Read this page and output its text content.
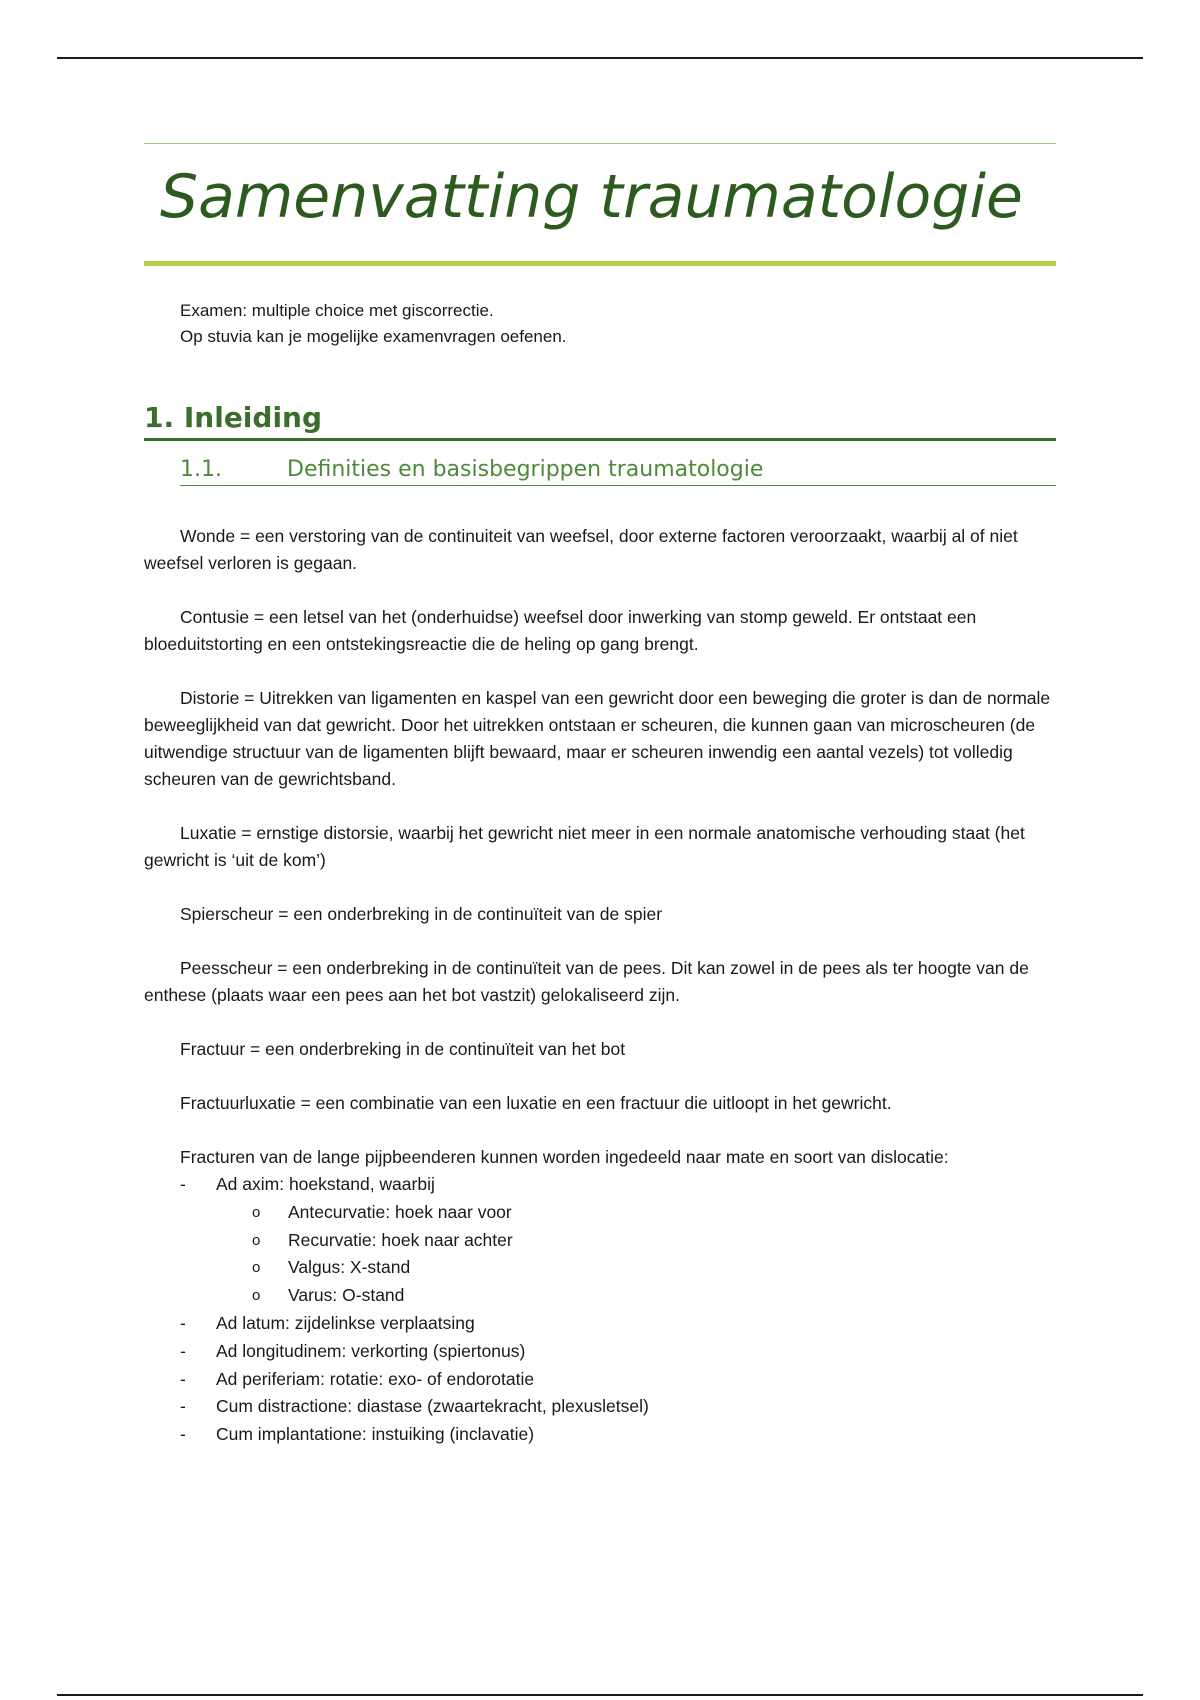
Samenvatting traumatologie
Examen: multiple choice met giscorrectie.
Op stuvia kan je mogelijke examenvragen oefenen.
1. Inleiding
1.1.	Definities en basisbegrippen traumatologie

Wonde = een verstoring van de continuiteit van weefsel, door externe factoren veroorzaakt, waarbij al of niet weefsel verloren is gegaan.

Contusie = een letsel van het (onderhuidse) weefsel door inwerking van stomp geweld. Er ontstaat een bloeduitstorting en een ontstekingsreactie die de heling op gang brengt.

Distorie = Uitrekken van ligamenten en kaspel van een gewricht door een beweging die groter is dan de normale beweeglijkheid van dat gewricht. Door het uitrekken ontstaan er scheuren, die kunnen gaan van microscheuren (de uitwendige structuur van de ligamenten blijft bewaard, maar er scheuren inwendig een aantal vezels) tot volledig scheuren van de gewrichtsband.

Luxatie = ernstige distorsie, waarbij het gewricht niet meer in een normale anatomische verhouding staat (het gewricht is ‘uit de kom’)

Spierscheur = een onderbreking in de continuïteit van de spier

Peesscheur = een onderbreking in de continuïteit van de pees. Dit kan zowel in de pees als ter hoogte van de enthese (plaats waar een pees aan het bot vastzit) gelokaliseerd zijn.

Fractuur = een onderbreking in de continuïteit van het bot

Fractuurluxatie = een combinatie van een luxatie en een fractuur die uitloopt in het gewricht.

Fracturen van de lange pijpbeenderen kunnen worden ingedeeld naar mate en soort van dislocatie:

- Ad axim: hoekstand, waarbij
o Antecurvatie: hoek naar voor
o Recurvatie: hoek naar achter
o Valgus: X-stand
o Varus: O-stand
- Ad latum: zijdelinkse verplaatsing
- Ad longitudinem: verkorting (spiertonus)
- Ad periferiam: rotatie: exo- of endorotatie
- Cum distractione: diastase (zwaartekracht, plexusletsel)
- Cum implantatione: instuiking (inclavatie)
